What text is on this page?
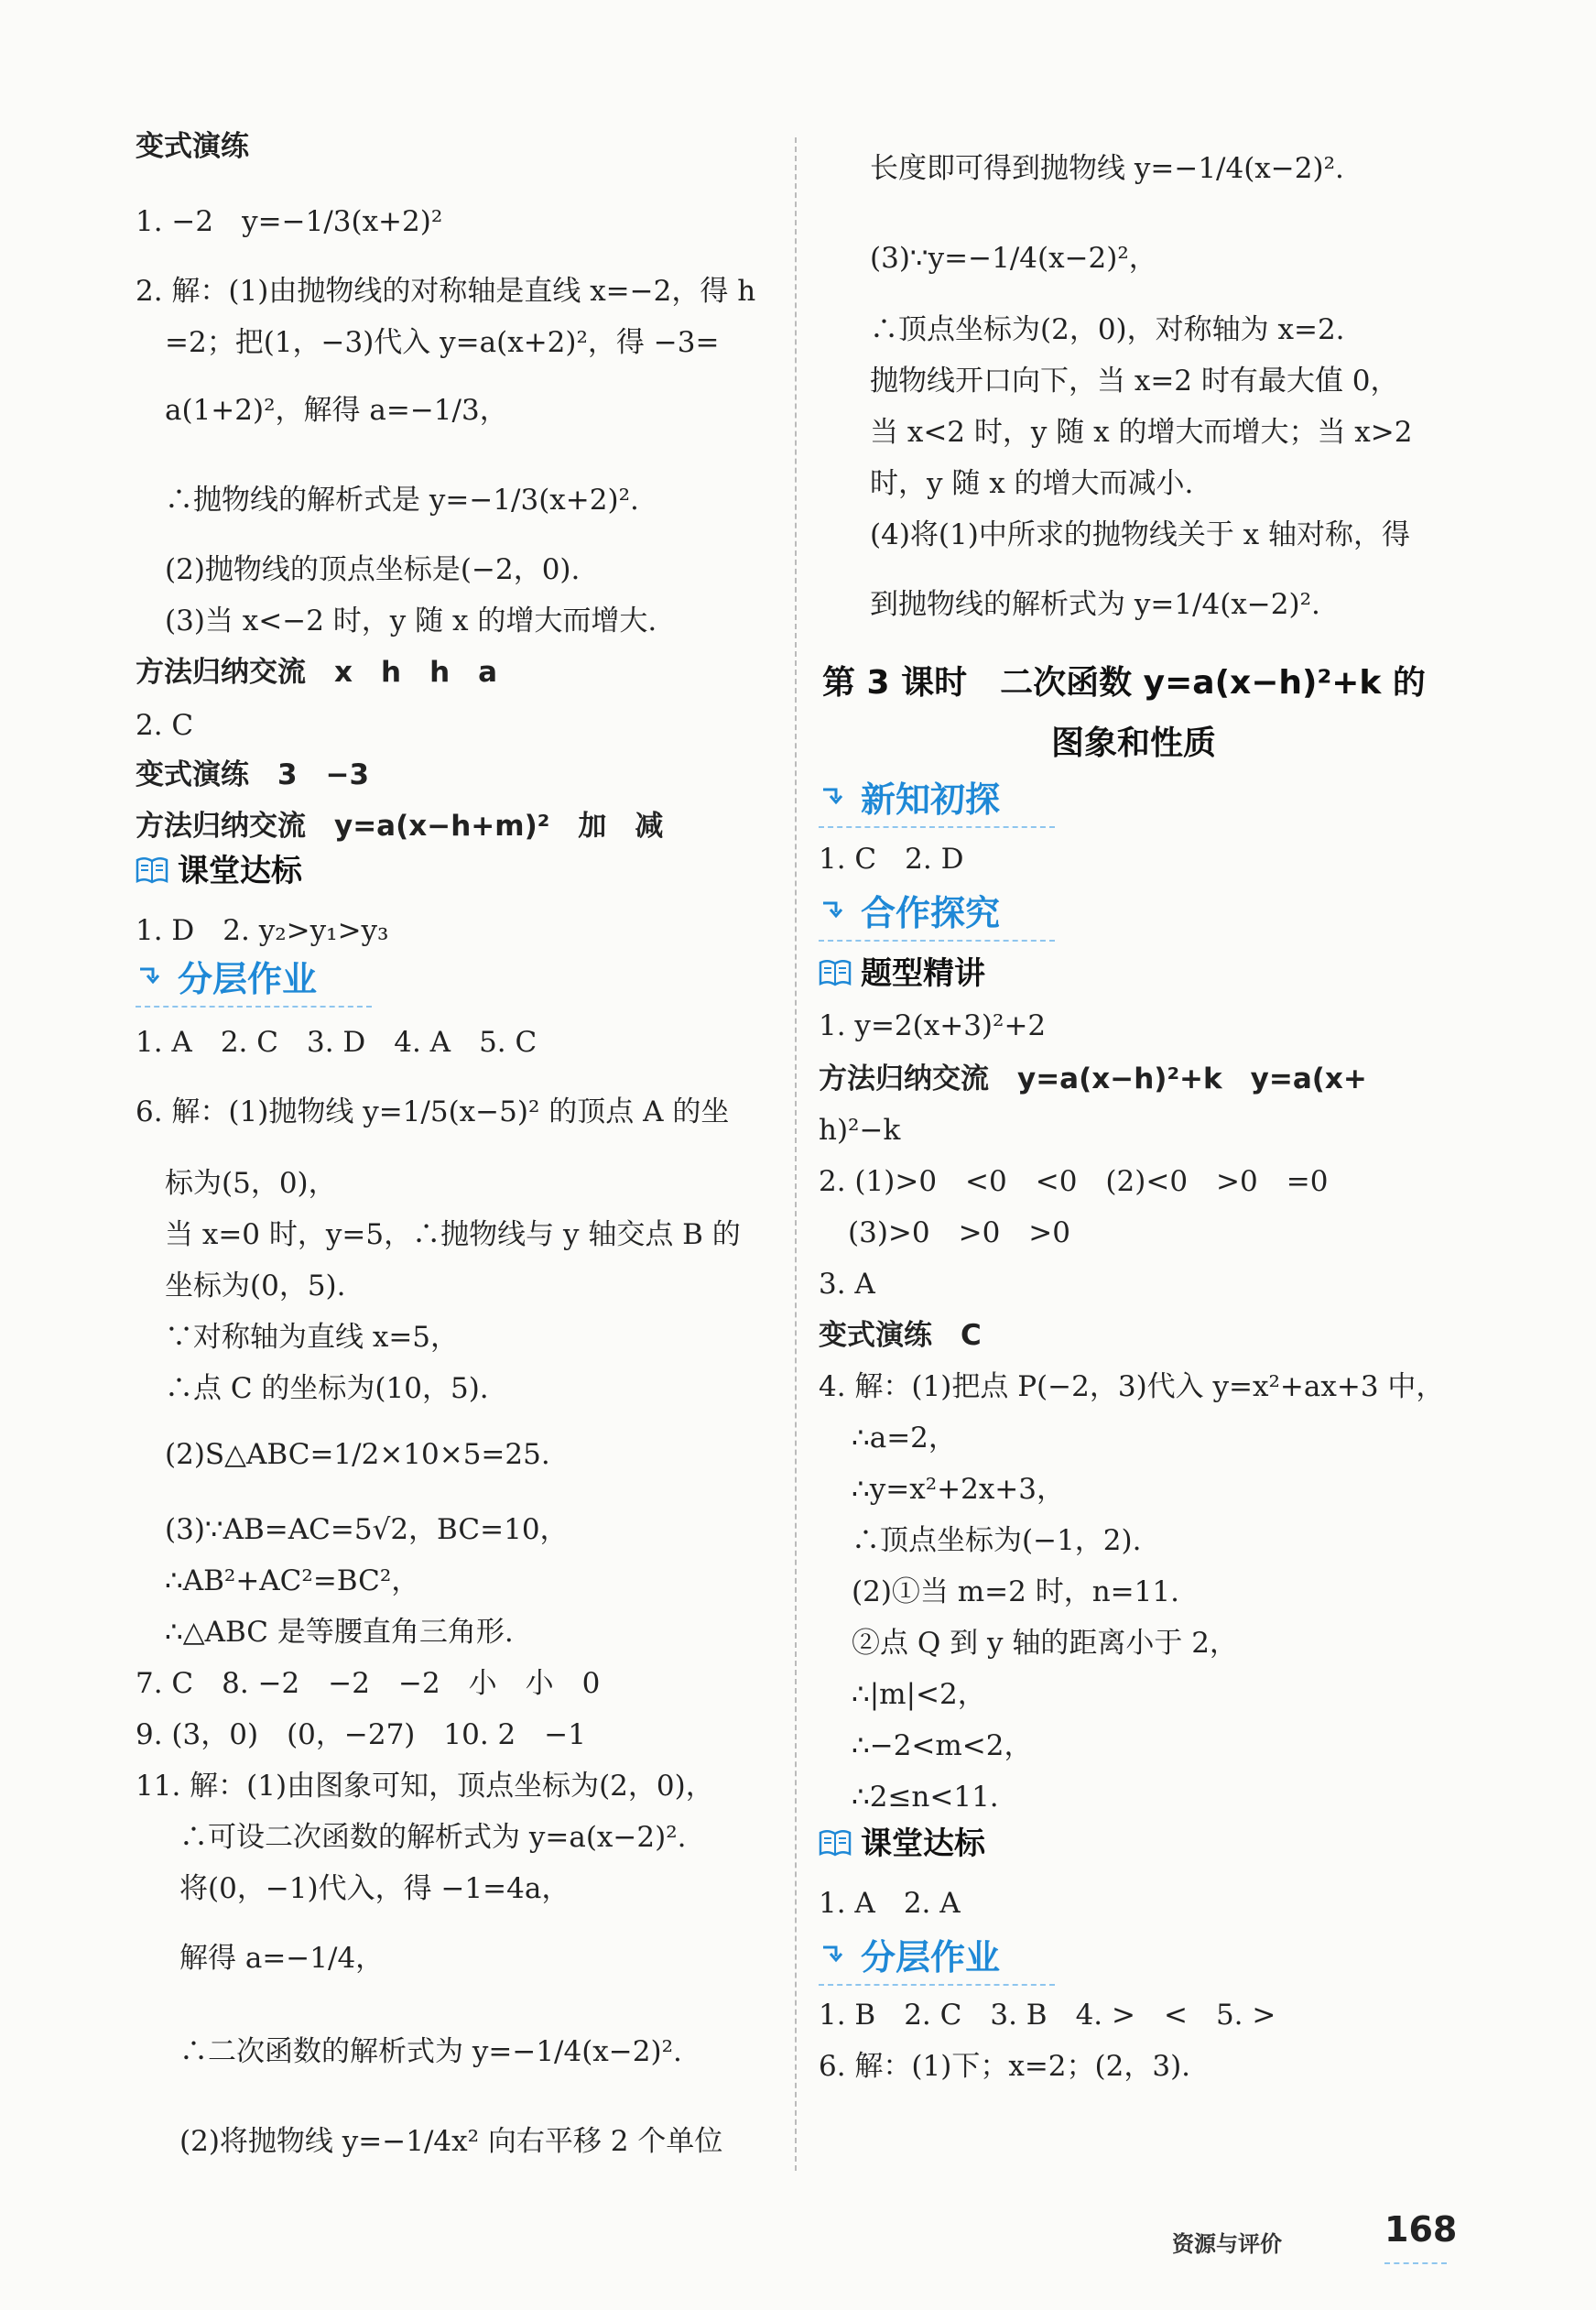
第 3 课时　二次函数 y=a(x−h)²+k 的
图象和性质
资源与评价	168
变式演练
1. −2　y=−1/3(x+2)²
2. 解：(1)由抛物线的对称轴是直线 x=−2，得 h
=2；把(1，−3)代入 y=a(x+2)²，得 −3=
a(1+2)²，解得 a=−1/3，
∴抛物线的解析式是 y=−1/3(x+2)².
(2)抛物线的顶点坐标是(−2，0).
(3)当 x<−2 时，y 随 x 的增大而增大.
方法归纳交流　x　h　h　a
2. C
变式演练　3　−3
方法归纳交流　y=a(x−h+m)²　加　减
1. D　2. y₂>y₁>y₃
1. A　2. C　3. D　4. A　5. C
6. 解：(1)抛物线 y=1/5(x−5)² 的顶点 A 的坐
标为(5，0)，
当 x=0 时，y=5，∴抛物线与 y 轴交点 B 的
坐标为(0，5).
∵对称轴为直线 x=5，
∴点 C 的坐标为(10，5).
(2)S△ABC=1/2×10×5=25.
(3)∵AB=AC=5√2，BC=10，
∴AB²+AC²=BC²，
∴△ABC 是等腰直角三角形.
7. C　8. −2　−2　−2　小　小　0
9. (3，0)　(0，−27)　10. 2　−1
11. 解：(1)由图象可知，顶点坐标为(2，0)，
∴可设二次函数的解析式为 y=a(x−2)².
将(0，−1)代入，得 −1=4a，
解得 a=−1/4，
∴二次函数的解析式为 y=−1/4(x−2)².
(2)将抛物线 y=−1/4x² 向右平移 2 个单位
课堂达标
分层作业
长度即可得到抛物线 y=−1/4(x−2)².
(3)∵y=−1/4(x−2)²，
∴顶点坐标为(2，0)，对称轴为 x=2.
抛物线开口向下，当 x=2 时有最大值 0，
当 x<2 时，y 随 x 的增大而增大；当 x>2
时，y 随 x 的增大而减小.
(4)将(1)中所求的抛物线关于 x 轴对称，得
到抛物线的解析式为 y=1/4(x−2)².
1. C　2. D
1. y=2(x+3)²+2
方法归纳交流　y=a(x−h)²+k　y=a(x+
h)²−k
2. (1)>0　<0　<0　(2)<0　>0　=0
(3)>0　>0　>0
3. A
变式演练　C
4. 解：(1)把点 P(−2，3)代入 y=x²+ax+3 中，
∴a=2，
∴y=x²+2x+3，
∴顶点坐标为(−1，2).
(2)①当 m=2 时，n=11.
②点 Q 到 y 轴的距离小于 2，
∴|m|<2，
∴−2<m<2，
∴2≤n<11.
1. A　2. A
1. B　2. C　3. B　4. >　<　5. >
6. 解：(1)下；x=2；(2，3).
新知初探
合作探究
题型精讲
课堂达标
分层作业
